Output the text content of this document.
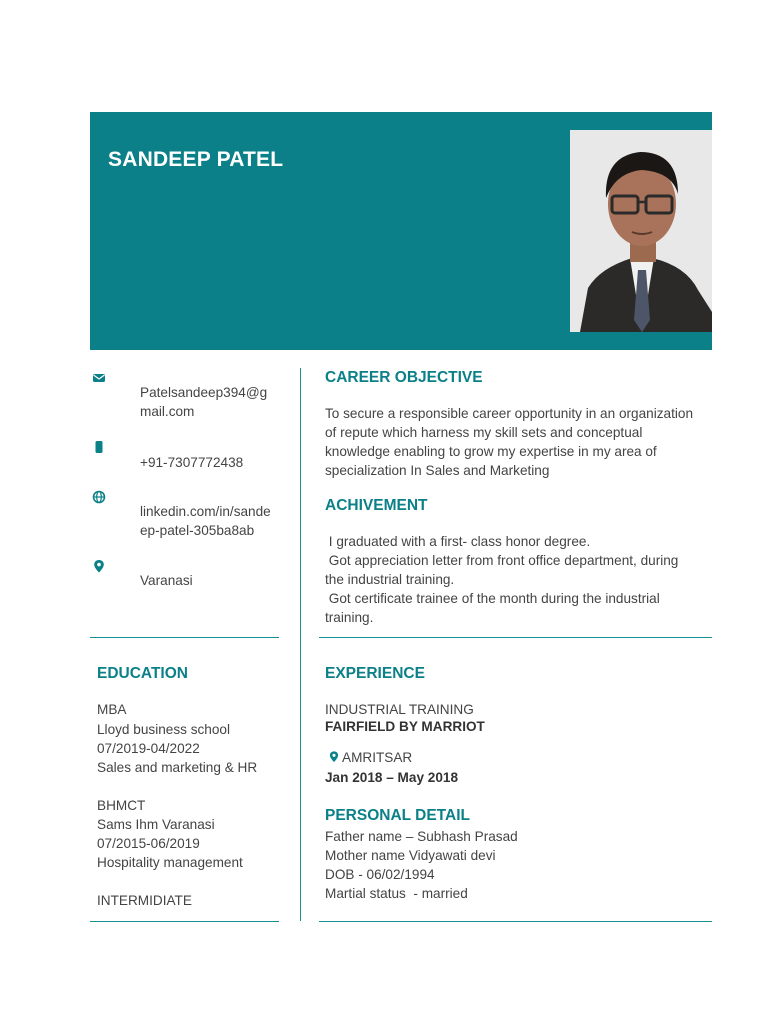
SANDEEP PATEL
Patelsandeep394@g
mail.com
+91-7307772438
linkedin.com/in/sande
ep-patel-305ba8ab
Varanasi
EDUCATION
MBA
Lloyd business school
07/2019-04/2022
Sales and marketing & HR
BHMCT
Sams Ihm Varanasi
07/2015-06/2019
Hospitality management
INTERMIDIATE
CAREER OBJECTIVE
To secure a responsible career opportunity in an organization
of repute which harness my skill sets and conceptual
knowledge enabling to grow my expertise in my area of
specialization In Sales and Marketing
ACHIVEMENT
I graduated with a first- class honor degree.
Got appreciation letter from front office department, during
the industrial training.
Got certificate trainee of the month during the industrial
training.
EXPERIENCE
INDUSTRIAL TRAINING
FAIRFIELD BY MARRIOT
AMRITSAR
Jan 2018 – May 2018
PERSONAL DETAIL
Father name – Subhash Prasad
Mother name Vidyawati devi
DOB - 06/02/1994
Martial status  - married
